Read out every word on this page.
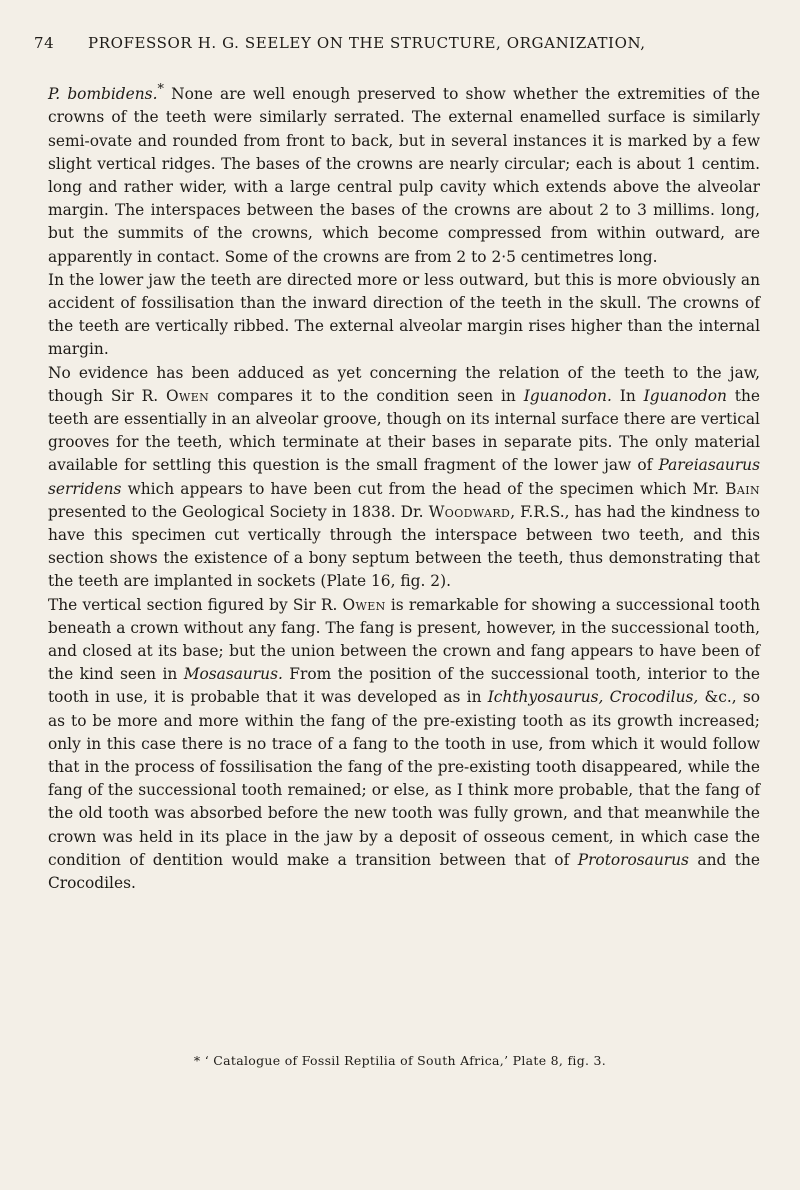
74 PROFESSOR H. G. SEELEY ON THE STRUCTURE, ORGANIZATION,

P. bombidens.* None are well enough preserved to show whether the extremities of the crowns of the teeth were similarly serrated. The external enamelled surface is similarly semi-ovate and rounded from front to back, but in several instances it is marked by a few slight vertical ridges. The bases of the crowns are nearly circular; each is about 1 centim. long and rather wider, with a large central pulp cavity which extends above the alveolar margin. The interspaces between the bases of the crowns are about 2 to 3 millims. long, but the summits of the crowns, which become compressed from within outward, are apparently in contact. Some of the crowns are from 2 to 2·5 centimetres long.

In the lower jaw the teeth are directed more or less outward, but this is more obviously an accident of fossilisation than the inward direction of the teeth in the skull. The crowns of the teeth are vertically ribbed. The external alveolar margin rises higher than the internal margin.

No evidence has been adduced as yet concerning the relation of the teeth to the jaw, though Sir R. Owen compares it to the condition seen in Iguanodon. In Iguanodon the teeth are essentially in an alveolar groove, though on its internal surface there are vertical grooves for the teeth, which terminate at their bases in separate pits. The only material available for settling this question is the small fragment of the lower jaw of Pareiasaurus serridens which appears to have been cut from the head of the specimen which Mr. Bain presented to the Geological Society in 1838. Dr. Woodward, F.R.S., has had the kindness to have this specimen cut vertically through the interspace between two teeth, and this section shows the existence of a bony septum between the teeth, thus demonstrating that the teeth are implanted in sockets (Plate 16, fig. 2).

The vertical section figured by Sir R. Owen is remarkable for showing a successional tooth beneath a crown without any fang. The fang is present, however, in the successional tooth, and closed at its base; but the union between the crown and fang appears to have been of the kind seen in Mosasaurus. From the position of the successional tooth, interior to the tooth in use, it is probable that it was developed as in Ichthyosaurus, Crocodilus, &c., so as to be more and more within the fang of the pre-existing tooth as its growth increased; only in this case there is no trace of a fang to the tooth in use, from which it would follow that in the process of fossilisation the fang of the pre-existing tooth disappeared, while the fang of the successional tooth remained; or else, as I think more probable, that the fang of the old tooth was absorbed before the new tooth was fully grown, and that meanwhile the crown was held in its place in the jaw by a deposit of osseous cement, in which case the condition of dentition would make a transition between that of Protorosaurus and the Crocodiles.

* ‘ Catalogue of Fossil Reptilia of South Africa,’ Plate 8, fig. 3.
